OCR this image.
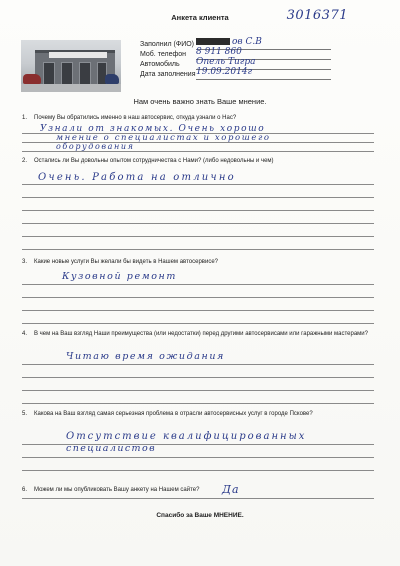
Анкета клиента	3016371
Заполнил (ФИО)	ов С.В
Моб. телефон 8 911 860
Автомобиль Опель Тигра
Дата заполнения 19.09.2014г
Нам очень важно знать Ваше мнение.
1. Почему Вы обратились именно в наш автосервис, откуда узнали о Нас?
Узнали от знакомых. Очень хорошо
мнение о специалистах и хорошего
оборудования
2. Остались ли Вы довольны опытом сотрудничества с Нами? (либо недовольны и чем)
Очень. Работа на отлично
3. Какие новые услуги Вы желали бы видеть в Нашем автосервисе?
Кузовной ремонт
4. В чем на Ваш взгляд Наши преимущества (или недостатки) перед другими автосервисами или гаражными мастерами?
Читаю время ожидания
5. Какова на Ваш взгляд самая серьезная проблема в отрасли автосервисных услуг в городе Пскове?
Отсутствие квалифицированных
специалистов
6. Можем ли мы опубликовать Вашу анкету на Нашем сайте?	Да
Спасибо за Ваше МНЕНИЕ.
